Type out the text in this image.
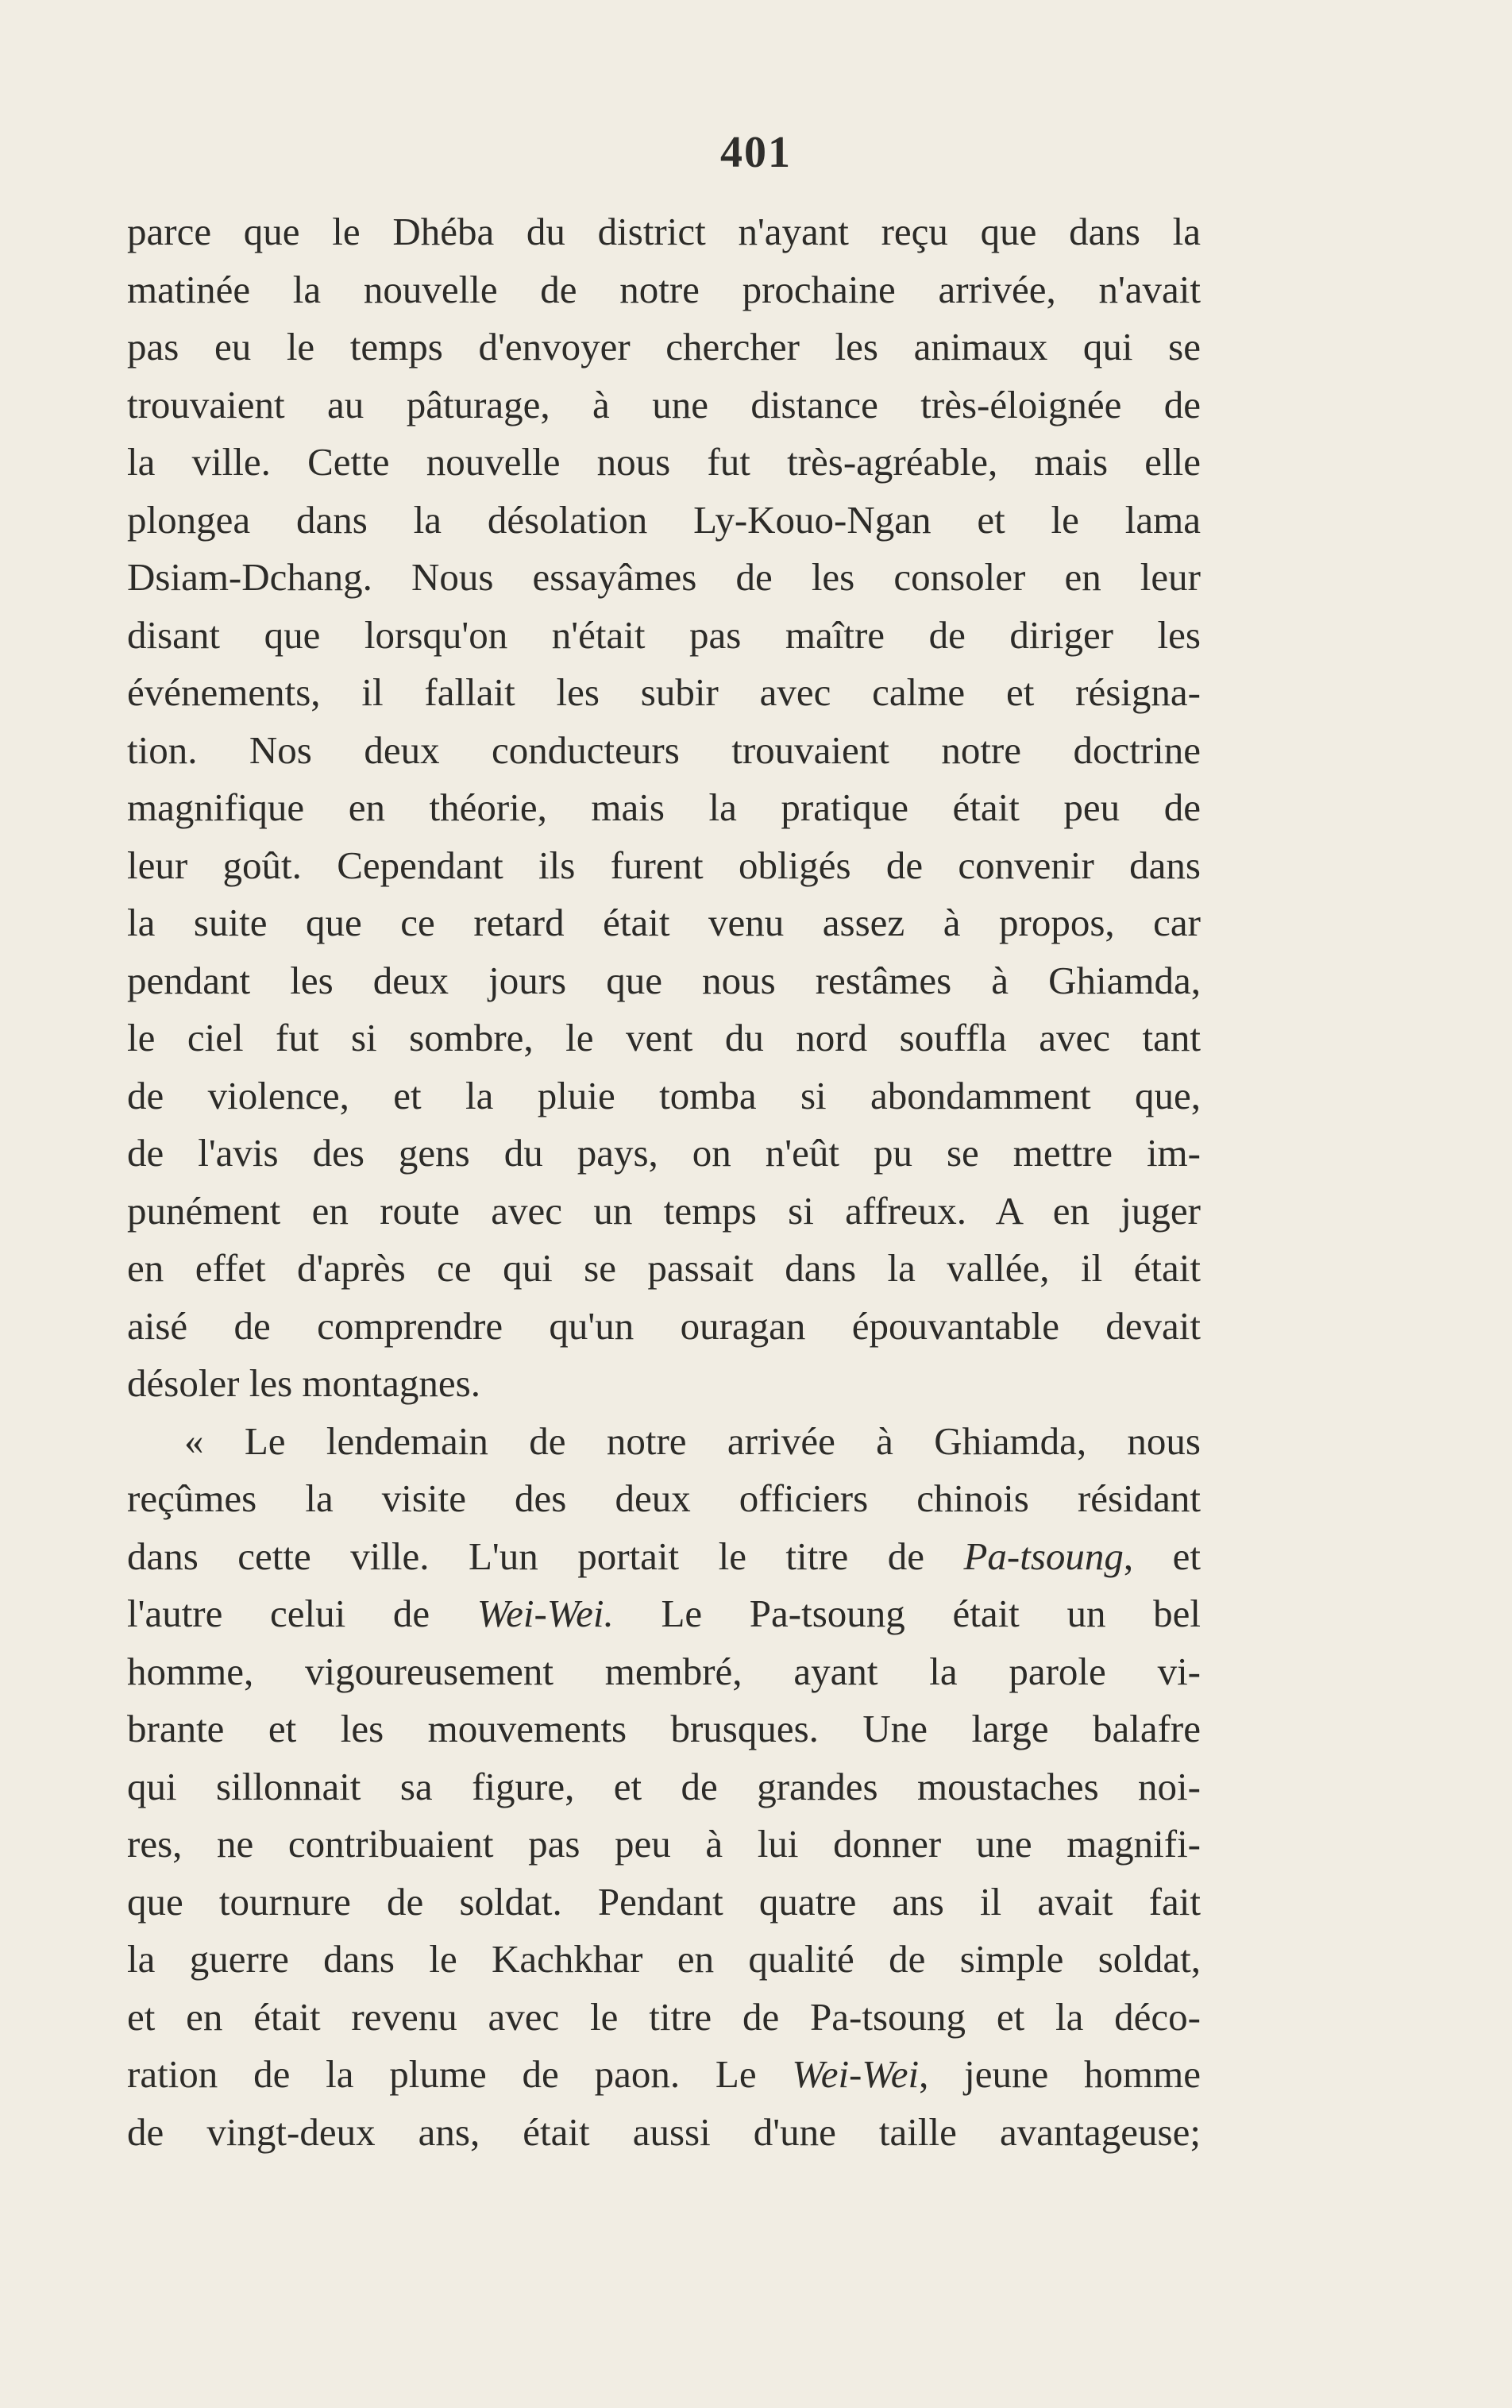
401
parce que le Dhéba du district n'ayant reçu que dans la
matinée la nouvelle de notre prochaine arrivée, n'avait
pas eu le temps d'envoyer chercher les animaux qui se
trouvaient au pâturage, à une distance très-éloignée de
la ville. Cette nouvelle nous fut très-agréable, mais elle
plongea dans la désolation Ly-Kouo-Ngan et le lama
Dsiam-Dchang. Nous essayâmes de les consoler en leur
disant que lorsqu'on n'était pas maître de diriger les
événements, il fallait les subir avec calme et résigna-
tion. Nos deux conducteurs trouvaient notre doctrine
magnifique en théorie, mais la pratique était peu de
leur goût. Cependant ils furent obligés de convenir dans
la suite que ce retard était venu assez à propos, car
pendant les deux jours que nous restâmes à Ghiamda,
le ciel fut si sombre, le vent du nord souffla avec tant
de violence, et la pluie tomba si abondamment que,
de l'avis des gens du pays, on n'eût pu se mettre im-
punément en route avec un temps si affreux. A en juger
en effet d'après ce qui se passait dans la vallée, il était
aisé de comprendre qu'un ouragan épouvantable devait
désoler les montagnes.
« Le lendemain de notre arrivée à Ghiamda, nous
reçûmes la visite des deux officiers chinois résidant
dans cette ville. L'un portait le titre de Pa-tsoung, et
l'autre celui de Wei-Wei. Le Pa-tsoung était un bel
homme, vigoureusement membré, ayant la parole vi-
brante et les mouvements brusques. Une large balafre
qui sillonnait sa figure, et de grandes moustaches noi-
res, ne contribuaient pas peu à lui donner une magnifi-
que tournure de soldat. Pendant quatre ans il avait fait
la guerre dans le Kachkhar en qualité de simple soldat,
et en était revenu avec le titre de Pa-tsoung et la déco-
ration de la plume de paon. Le Wei-Wei, jeune homme
de vingt-deux ans, était aussi d'une taille avantageuse;
